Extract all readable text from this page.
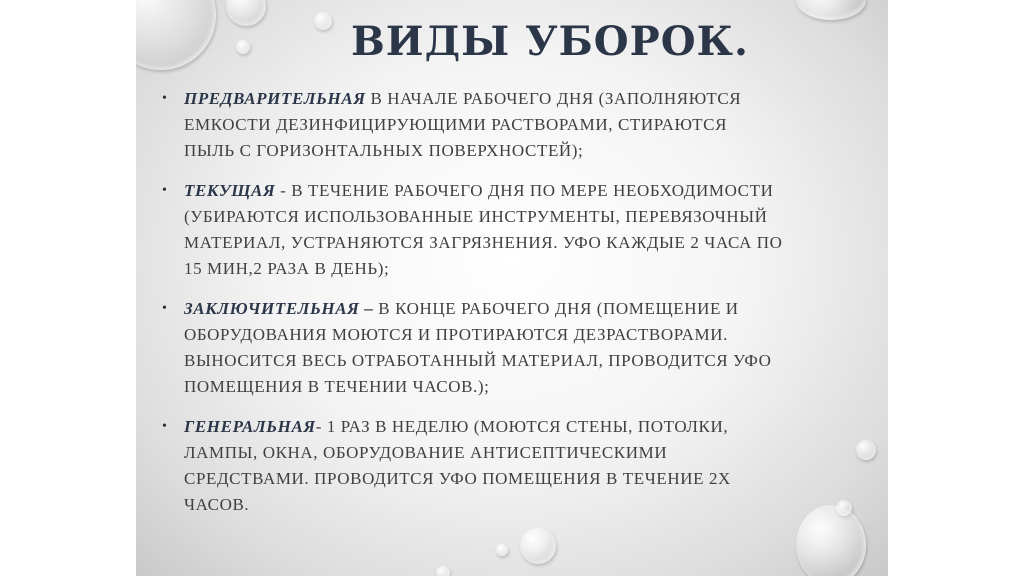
ВИДЫ УБОРОК.
• ПРЕДВАРИТЕЛЬНАЯ В НАЧАЛЕ РАБОЧЕГО ДНЯ (ЗАПОЛНЯЮТСЯ
ЕМКОСТИ ДЕЗИНФИЦИРУЮЩИМИ РАСТВОРАМИ, СТИРАЮТСЯ
ПЫЛЬ С ГОРИЗОНТАЛЬНЫХ ПОВЕРХНОСТЕЙ);
• ТЕКУЩАЯ - В ТЕЧЕНИЕ РАБОЧЕГО ДНЯ ПО МЕРЕ НЕОБХОДИМОСТИ
(УБИРАЮТСЯ ИСПОЛЬЗОВАННЫЕ ИНСТРУМЕНТЫ, ПЕРЕВЯЗОЧНЫЙ
МАТЕРИАЛ, УСТРАНЯЮТСЯ ЗАГРЯЗНЕНИЯ. УФО КАЖДЫЕ 2 ЧАСА ПО
15 МИН,2 РАЗА В ДЕНЬ);
• ЗАКЛЮЧИТЕЛЬНАЯ – В КОНЦЕ РАБОЧЕГО ДНЯ (ПОМЕЩЕНИЕ И
ОБОРУДОВАНИЯ МОЮТСЯ И ПРОТИРАЮТСЯ ДЕЗРАСТВОРАМИ.
ВЫНОСИТСЯ ВЕСЬ ОТРАБОТАННЫЙ МАТЕРИАЛ, ПРОВОДИТСЯ УФО
ПОМЕЩЕНИЯ В ТЕЧЕНИИ ЧАСОВ.);
• ГЕНЕРАЛЬНАЯ- 1 РАЗ В НЕДЕЛЮ (МОЮТСЯ СТЕНЫ, ПОТОЛКИ,
ЛАМПЫ, ОКНА, ОБОРУДОВАНИЕ АНТИСЕПТИЧЕСКИМИ
СРЕДСТВАМИ. ПРОВОДИТСЯ УФО ПОМЕЩЕНИЯ В ТЕЧЕНИЕ 2Х
ЧАСОВ.
